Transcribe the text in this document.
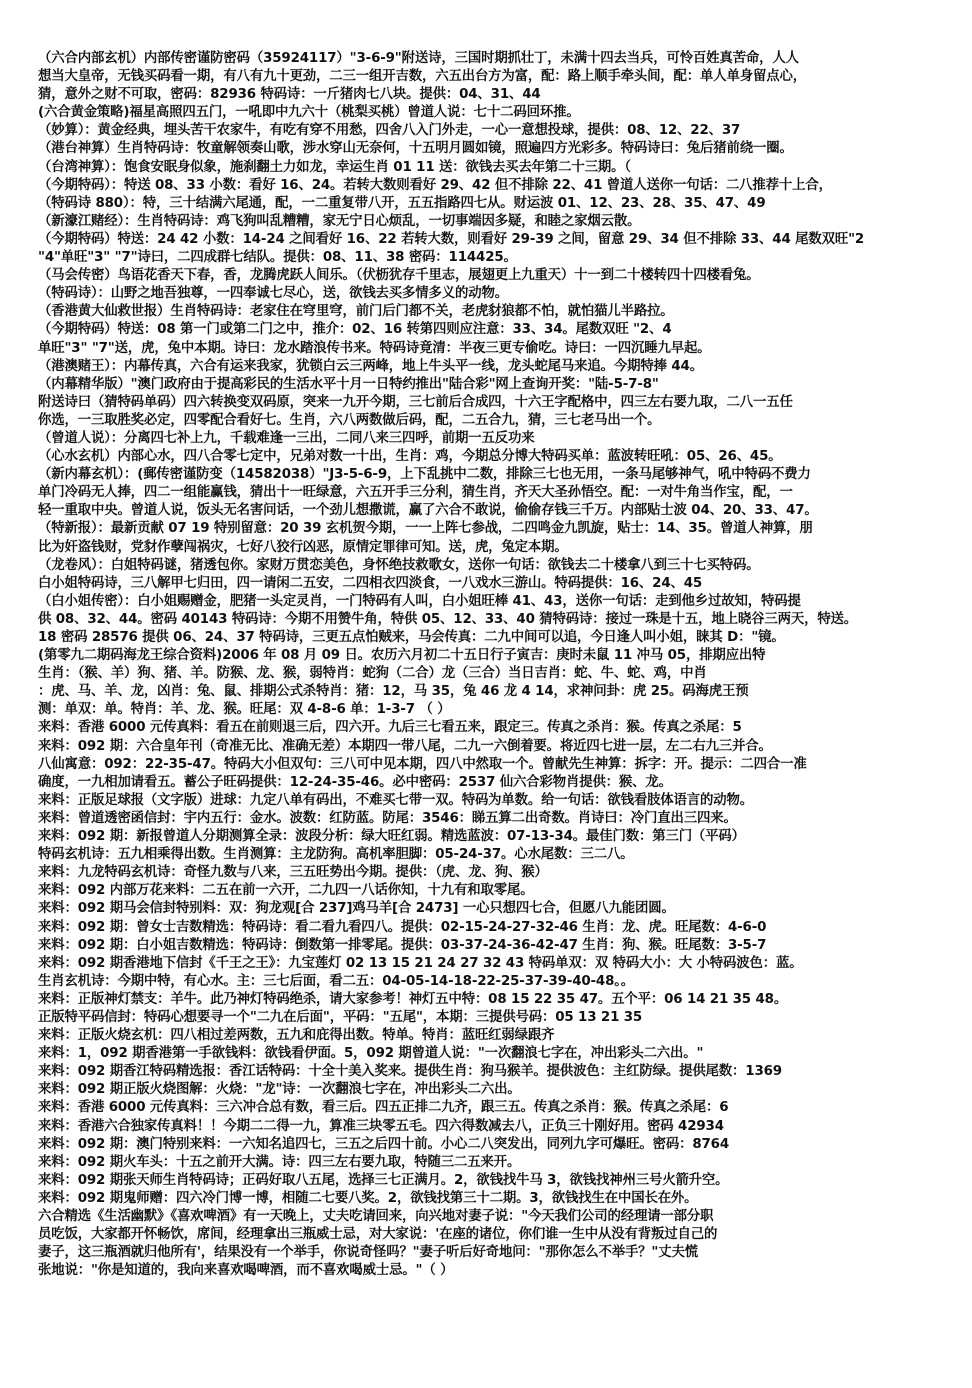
（六合内部玄机）内部传密谨防密码（35924117）"3-6-9"附送诗，三国时期抓壮丁，未满十四去当兵，可怜百姓真苦命，人人
想当大皇帝，无钱买码看一期，有八有九十更劲，二三一组开吉数，六五出台方为富，配：路上顺手牵头间，配：单人单身留点心，
猜，意外之财不可取，密码：82936 特码诗：一斤猪肉七八块。提供：04、31、44
(六合黄金策略)福星高照四五门，一吼即中九六十（桃梨买桃）曾道人说：七十二码回环推。
（妙算）：黄金经典，埋头苦干农家牛，有吃有穿不用愁，四舍八入门外走，一心一意想投球，提供：08、12、22、37
（港台神算）生肖特码诗：牧童解领奏山歌，涉水穿山无奈何，十五明月圆如镜，照遍四方光彩多。特码诗曰：兔后猪前绕一圈。
（台湾神算）：饱食安眠身似象，施刹翻土力如龙，幸运生肖 01 11 送：欲钱去买去年第二十三期。（
（今期特码）：特送 08、33 小数：看好 16、24。若转大数则看好 29、42 但不排除 22、41 曾道人送你一句话：二八推荐十上合，
（特码诗 880）：特，三十结满六尾通，配，一二重复带八开，五五指路四七从。财运波 01、12、23、28、35、47、49
（新濠江赌经）：生肖特码诗：鸡飞狗叫乱糟糟，家无宁日心烦乱，一切事端因多疑，和睦之家烟云散。
（今期特码）特送：24 42 小数：14-24 之间看好 16、22 若转大数，则看好 29-39 之间，留意 29、34 但不排除 33、44 尾数双旺"2
"4"单旺"3" "7"诗曰，二四成群七结队。提供：08、11、38 密码：114425。
（马会传密）鸟语花香天下春，香，龙腾虎跃人间乐。（伏枥犹存千里志，展翅更上九重天）十一到二十楼转四十四楼看兔。
（特码诗）：山野之地吾独尊，一四奉诚七尽心，送，欲钱去买多情多义的动物。
（香港黄大仙救世报）生肖特码诗：老家住在穹里穹，前门后门都不关，老虎豺狼都不怕，就怕猫儿半路拉。
（今期特码）特送：08 第一门或第二门之中，推介：02、16 转第四则应注意：33、34。尾数双旺 "2、4
单旺"3" "7"送，虎，兔中本期。诗曰：龙水踏浪传书来。特码诗竟清：半夜三更专偷吃。诗曰：一四沉睡九早起。
（港澳赌王）：内幕传真，六合有运来我家，犹锁白云三两峰，地上牛头平一线，龙头蛇尾马来追。今期特捧 44。
（内幕精华版）"澳门政府由于提高彩民的生活水平十月一日特约推出"陆合彩"网上查询开奖："陆-5-7-8"
附送诗曰（猜特码单码）四六转换变双码原，突来一九开今期，三七前后合成四，十六王字配格中，四三左右要九取，二八一五任
你选，一三取胜奖必定，四零配合看好七。生肖，六八两数做后码，配，二五合九，猜，三七老马出一个。
（曾道人说）：分离四七补上九，千载难逢一三出，二同八来三四呼，前期一五反功来
（心水玄机）内部心水，四八合零七定中，兄弟对数一十出，生肖：鸡，今期总分博大特码买单：蓝波转旺吼：05、26、45。
（新内幕玄机）：(郵传密谨防变（14582038）"J3-5-6-9，上下乱挑中二数，排除三七也无用，一条马尾够神气，吼中特码不费力
单门冷码无人捧，四二一组能赢钱，猜出十一旺绿意，六五开手三分利，猜生肖，齐天大圣孙悟空。配：一对牛角当作宝，配，一
轻一重取中央。曾道人说，饭头无名害问话，一个劲儿想撒谎，赢了六合不敢说，偷偷存钱三千万。内部贴士波 04、20、33、47。
（特新报）：最新贡献 07 19 特别留意：20 39 玄机贺今期，一一上阵七参战，二四鸣金九凯旋，贴士：14、35。曾道人神算，朋
比为奸盗钱财，党豺作孽闯祸灾，七好八狡行凶恶，原情定罪律可知。送，虎，兔定本期。
（龙卷风）：白姐特码谜，猪透包你。家财万贯恋美色，身怀绝技救歌女，送你一句话：欲钱去二十楼拿八到三十七买特码。
白小姐特码诗，三八解甲七归田，四一请闲二五安，二四相衣四淡食，一八戏水三游山。特码提供：16、24、45
（白小姐传密）：白小姐赐赠金，肥猪一头定灵肖，一门特码有人叫，白小姐旺棒 41、43，送你一句话：走到他乡过故知，特码提
供 08、32、44。密码 40143 特码诗：今期不用赞牛角，特供 05、12、33、40 猜特码诗：接过一珠是十五，地上晓谷三两天，特送。
18 密码 28576 提供 06、24、37 特码诗，三更五点怕贼来，马会传真：二九中间可以追，今日逢人叫小姐，睐其 D："镜。
(第零九二期码海龙王综合资料)2006 年 08 月 09 日。农历六月初二十五日行子寅吉：庚时未鼠 11 冲马 05，排期应出特
生肖：（猴、羊）狗、猪、羊。防猴、龙、猴，弱特肖：蛇狗（二合）龙（三合）当日吉肖：蛇、牛、蛇、鸡，中肖
：虎、马、羊、龙，凶肖：兔、鼠、排期公式杀特肖：猪：12，马 35，兔 46 龙 4 14，求神问卦：虎 25。码海虎王预
测：单双：单。特肖：羊、龙、猴。旺尾：双 4-8-6 单：1-3-7 （ ）
来料：香港 6000 元传真料：看五在前则退三后，四六开。九后三七看五来，跟定三。传真之杀肖：猴。传真之杀尾：5
来料：092 期：六合皇年刊（奇准无比、准确无差）本期四一带八尾，二九一六倒着要。将近四七进一层，左二右九三并合。
八仙寓意：092：22-35-47。特码大小但双句：三八可中见本期，四八中然取一个。曾献先生神算：拆字：开。提示：二四合一准
确度，一九相加请看五。蓄公子旺码提供：12-24-35-46。必中密码：2537 仙六合彩物肖提供：猴、龙。
来料：正版足球报（文字版）进球：九定八单有码出，不难买七带一双。特码为单数。给一句话：欲钱看肢体语言的动物。
来料：曾道透密函信封：宇内五行：金水。波数：红防蓝。防尾：3546：睇五算二出奇数。肖诗曰：冷门直出三四来。
来料：092 期：新报曾道人分期测算全录：波段分析：绿大旺红弱。精选蓝波：07-13-34。最佳门数：第三门（平码）
特码玄机诗：五九相乘得出数。生肖测算：主龙防狗。高机率胆脚：05-24-37。心水尾数：三二八。
来料：九龙特码玄机诗：奇怪九数与八来，三五旺势出今期。提供：（虎、龙、狗、猴）
来料：092 内部万花来料：二五在前一六开，二九四一八话你知，十九有和取零尾。
来料：092 期马会信封特别料：双：狗龙观[合 237]鸡马羊[合 2473] 一心只想四七合，但愿八九能团圆。
来料：092 期：曾女士吉数精选：特码诗：看二看九看四八。提供：02-15-24-27-32-46 生肖：龙、虎。旺尾数：4-6-0
来料：092 期：白小姐吉数精选：特码诗：倒数第一排零尾。提供：03-37-24-36-42-47 生肖：狗、猴。旺尾数：3-5-7
来料：092 期香港地下信封《千王之王》：九宝莲灯 02 13 15 21 24 27 32 43 特码单双：双 特码大小：大 小特码波色：蓝。
生肖玄机诗：今期中特，有心水。主：三七后面，看二五：04-05-14-18-22-25-37-39-40-48。。
来料：正版神灯禁支：羊牛。此乃神灯特码绝杀，请大家参考！神灯五中特：08 15 22 35 47。五个平：06 14 21 35 48。
正版特平码信封：特码心想要寻一个"二九在后面"，平码："五尾"，本期：三提供号码：05 13 21 35
来料：正版火烧玄机：四八相过差两数，五九和庇得出数。特单。特肖：蓝旺红弱绿跟齐
来料：1，092 期香港第一手欲钱料：欲钱看伊面。5，092 期曾道人说："一次翻浪七字在，冲出彩头二六出。"
来料：092 期香江特码精选报：香江话特码：十全十美入奖来。提供生肖：狗马猴羊。提供波色：主红防绿。提供尾数：1369
来料：092 期正版火烧图解：火烧："龙"诗：一次翻浪七字在，冲出彩头二六出。
来料：香港 6000 元传真料：三六冲合总有数，看三后。四五正排二九齐，跟三五。传真之杀肖：猴。传真之杀尾：6
来料：香港六合独家传真料！！今期二二得一九，算准三块零五毛。四六得数减去八，正负三十刚好用。密码 42934
来料：092 期：澳门特别来料：一六知名追四七，三五之后四十前。小心二八突发出，同列九字可爆旺。密码：8764
来料：092 期火车头：十五之前开大满。诗：四三左右要九取，特随三二五来开。
来料：092 期张天师生肖特码诗；正码好取八五尾，选择三七正满月。2，欲钱找牛马 3，欲钱找神州三号火箭升空。
来料：092 期鬼师赠：四六冷门博一博，相随二七要八奖。2，欲钱找第三十二期。3，欲钱找生在中国长在外。
六合精选《生活幽默》《喜欢啤酒》有一天晚上，丈夫吃请回来，向兴地对妻子说："今天我们公司的经理请一部分职
员吃饭，大家都开怀畅饮，席间，经理拿出三瓶威士忌，对大家说：'在座的诸位，你们谁一生中从没有背叛过自己的
妻子，这三瓶酒就归他所有'，结果没有一个举手，你说奇怪吗？"妻子听后好奇地问："那你怎么不举手？"丈夫慌
张地说："你是知道的，我向来喜欢喝啤酒，而不喜欢喝威士忌。"（ ）
